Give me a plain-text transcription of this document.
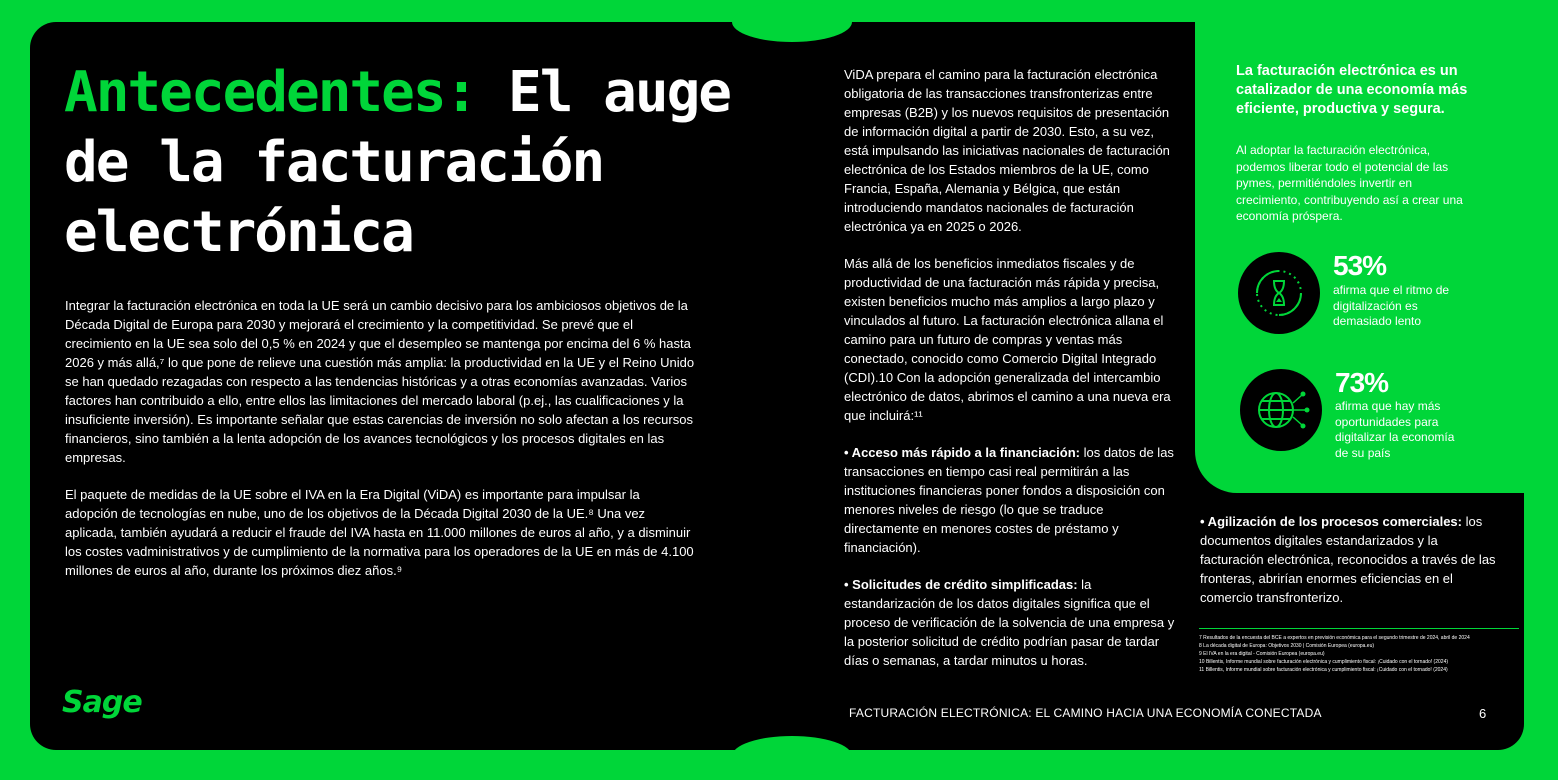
Antecedentes: El auge de la facturación electrónica

Integrar la facturación electrónica en toda la UE será un cambio decisivo para los ambiciosos objetivos de la Década Digital de Europa para 2030 y mejorará el crecimiento y la competitividad. Se prevé que el crecimiento en la UE sea solo del 0,5 % en 2024 y que el desempleo se mantenga por encima del 6 % hasta 2026 y más allá,⁷ lo que pone de relieve una cuestión más amplia: la productividad en la UE y el Reino Unido se han quedado rezagadas con respecto a las tendencias históricas y a otras economías avanzadas. Varios factores han contribuido a ello, entre ellos las limitaciones del mercado laboral (p.ej., las cualificaciones y la insuficiente inversión). Es importante señalar que estas carencias de inversión no solo afectan a los recursos financieros, sino también a la lenta adopción de los avances tecnológicos y los procesos digitales en las empresas.

El paquete de medidas de la UE sobre el IVA en la Era Digital (ViDA) es importante para impulsar la adopción de tecnologías en nube, uno de los objetivos de la Década Digital 2030 de la UE.⁸ Una vez aplicada, también ayudará a reducir el fraude del IVA hasta en 11.000 millones de euros al año, y a disminuir los costes vadministrativos y de cumplimiento de la normativa para los operadores de la UE en más de 4.100 millones de euros al año, durante los próximos diez años.⁹

ViDA prepara el camino para la facturación electrónica obligatoria de las transacciones transfronterizas entre empresas (B2B) y los nuevos requisitos de presentación de información digital a partir de 2030. Esto, a su vez, está impulsando las iniciativas nacionales de facturación electrónica de los Estados miembros de la UE, como Francia, España, Alemania y Bélgica, que están introduciendo mandatos nacionales de facturación electrónica ya en 2025 o 2026.

Más allá de los beneficios inmediatos fiscales y de productividad de una facturación más rápida y precisa, existen beneficios mucho más amplios a largo plazo y vinculados al futuro. La facturación electrónica allana el camino para un futuro de compras y ventas más conectado, conocido como Comercio Digital Integrado (CDI).10 Con la adopción generalizada del intercambio electrónico de datos, abrimos el camino a una nueva era que incluirá:¹¹

• Acceso más rápido a la financiación: los datos de las transacciones en tiempo casi real permitirán a las instituciones financieras poner fondos a disposición con menores niveles de riesgo (lo que se traduce directamente en menores costes de préstamo y financiación).

• Solicitudes de crédito simplificadas: la estandarización de los datos digitales significa que el proceso de verificación de la solvencia de una empresa y la posterior solicitud de crédito podrían pasar de tardar días o semanas, a tardar minutos u horas.

La facturación electrónica es un catalizador de una economía más eficiente, productiva y segura.

Al adoptar la facturación electrónica, podemos liberar todo el potencial de las pymes, permitiéndoles invertir en crecimiento, contribuyendo así a crear una economía próspera.

53%

afirma que el ritmo de digitalización es demasiado lento

73%

afirma que hay más oportunidades para digitalizar la economía de su país

• Agilización de los procesos comerciales: los documentos digitales estandarizados y la facturación electrónica, reconocidos a través de las fronteras, abrirían enormes eficiencias en el comercio transfronterizo.

7 Resultados de la encuesta del BCE a expertos en previsión económica para el segundo trimestre de 2024, abril de 2024

8 La década digital de Europa: Objetivos 2030 | Comisión Europea (europa.eu)

9 El IVA en la era digital - Comisión Europea (europa.eu)

10 Billentis, Informe mundial sobre facturación electrónica y cumplimiento fiscal: ¡Cuidado con el tornado! (2024)

11 Billentis, Informe mundial sobre facturación electrónica y cumplimiento fiscal: ¡Cuidado con el tornado! (2024)

Sage	FACTURACIÓN ELECTRÓNICA: EL CAMINO HACIA UNA ECONOMÍA CONECTADA	6
